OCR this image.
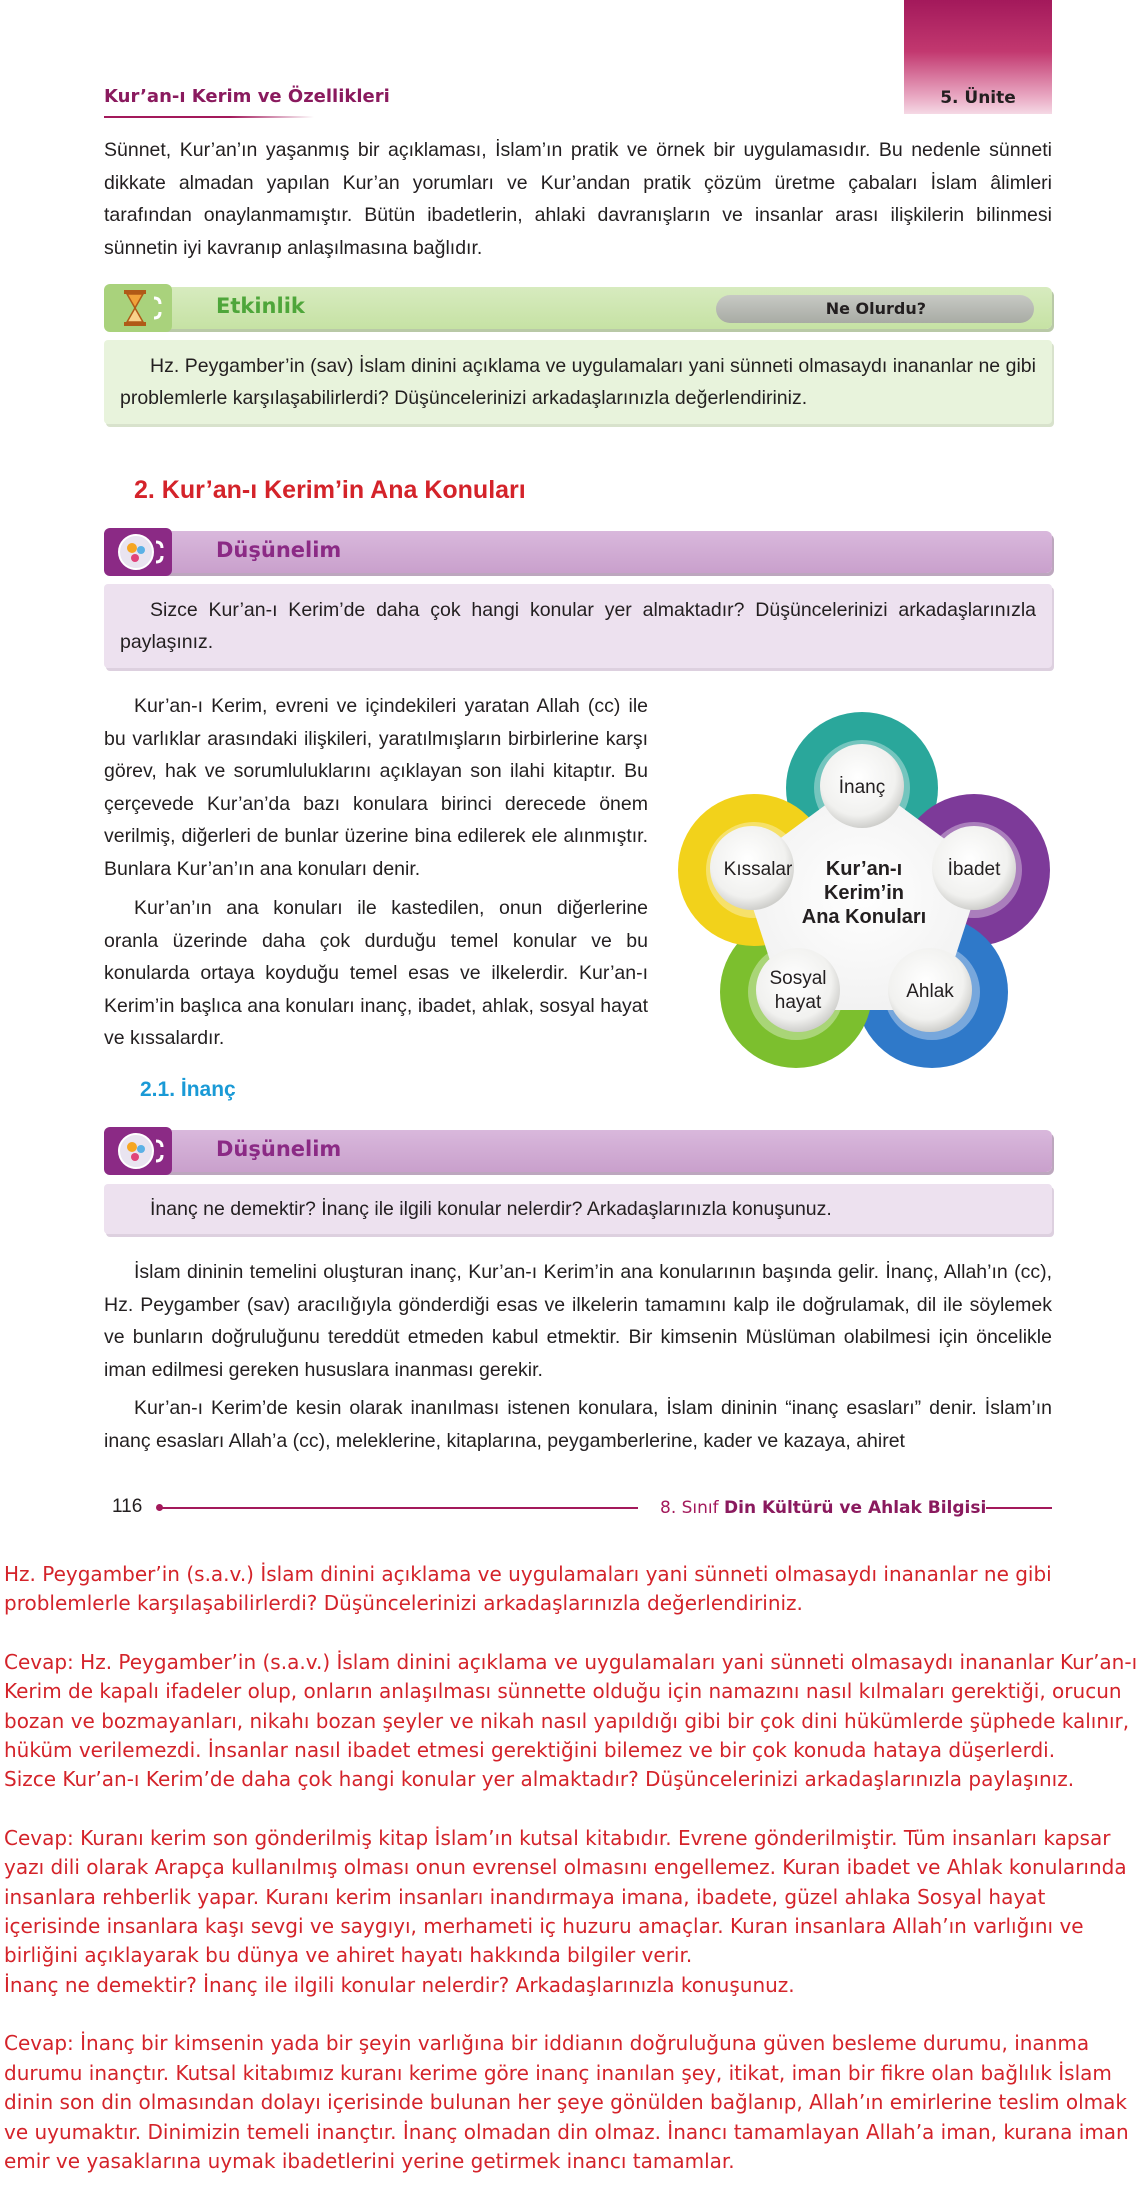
5. Ünite
Kur’an-ı Kerim ve Özellikleri

Sünnet, Kur’an’ın yaşanmış bir açıklaması, İslam’ın pratik ve örnek bir uygulamasıdır. Bu nedenle sünneti dikkate almadan yapılan Kur’an yorumları ve Kur’andan pratik çözüm üretme çabaları İslam âlimleri tarafından onaylanmamıştır. Bütün ibadetlerin, ahlaki davranışların ve insanlar arası ilişkilerin bilinmesi sünnetin iyi kavranıp anlaşılmasına bağlıdır.

Etkinlik	Ne Olurdu?

Hz. Peygamber’in (sav) İslam dinini açıklama ve uygulamaları yani sünneti olmasaydı inananlar ne gibi problemlerle karşılaşabilirlerdi? Düşüncelerinizi arkadaşlarınızla değerlendiriniz.

2. Kur’an-ı Kerim’in Ana Konuları
Düşünelim

Sizce Kur’an-ı Kerim’de daha çok hangi konular yer almaktadır? Düşüncelerinizi arkadaşlarınızla paylaşınız.

Kur’an-ı Kerim, evreni ve içindekileri yaratan Allah (cc) ile bu varlıklar arasındaki ilişkileri, yaratılmışların birbirlerine karşı görev, hak ve sorumluluklarını açıklayan son ilahi kitaptır. Bu çerçevede Kur’an’da bazı konulara birinci derecede önem verilmiş, diğerleri de bunlar üzerine bina edilerek ele alınmıştır. Bunlara Kur’an’ın ana konuları denir.

Kur’an’ın ana konuları ile kastedilen, onun diğerlerine oranla üzerinde daha çok durduğu temel konular ve bu konularda ortaya koyduğu temel esas ve ilkelerdir. Kur’an-ı Kerim’in başlıca ana konuları inanç, ibadet, ahlak, sosyal hayat ve kıssalardır.

İnanç
İbadet
Ahlak
Sosyal
hayat
Kıssalar Kur’an-ı
Kerim’in
Ana Konuları
2.1. İnanç
Düşünelim

İnanç ne demektir? İnanç ile ilgili konular nelerdir? Arkadaşlarınızla konuşunuz.

İslam dininin temelini oluşturan inanç, Kur’an-ı Kerim’in ana konularının başında gelir. İnanç, Allah’ın (cc), Hz. Peygamber (sav) aracılığıyla gönderdiği esas ve ilkelerin tamamını kalp ile doğrulamak, dil ile söylemek ve bunların doğruluğunu tereddüt etmeden kabul etmektir. Bir kimsenin Müslüman olabilmesi için öncelikle iman edilmesi gereken hususlara inanması gerekir.

Kur’an-ı Kerim’de kesin olarak inanılması istenen konulara, İslam dininin “inanç esasları” denir. İslam’ın inanç esasları Allah’a (cc), meleklerine, kitaplarına, peygamberlerine, kader ve kazaya, ahiret

116	8. Sınıf Din Kültürü ve Ahlak Bilgisi

Hz. Peygamber’in (s.a.v.) İslam dinini açıklama ve uygulamaları yani sünneti olmasaydı inananlar ne gibi problemlerle karşılaşabilirlerdi? Düşüncelerinizi arkadaşlarınızla değerlendiriniz.

Cevap: Hz. Peygamber’in (s.a.v.) İslam dinini açıklama ve uygulamaları yani sünneti olmasaydı inananlar Kur’an-ı Kerim de kapalı ifadeler olup, onların anlaşılması sünnette olduğu için namazını nasıl kılmaları gerektiği, orucun bozan ve bozmayanları, nikahı bozan şeyler ve nikah nasıl yapıldığı gibi bir çok dini hükümlerde şüphede kalınır, hüküm verilemezdi. İnsanlar nasıl ibadet etmesi gerektiğini bilemez ve bir çok konuda hataya düşerlerdi.

Sizce Kur’an-ı Kerim’de daha çok hangi konular yer almaktadır? Düşüncelerinizi arkadaşlarınızla paylaşınız.

Cevap: Kuranı kerim son gönderilmiş kitap İslam’ın kutsal kitabıdır. Evrene gönderilmiştir. Tüm insanları kapsar yazı dili olarak Arapça kullanılmış olması onun evrensel olmasını engellemez. Kuran ibadet ve Ahlak konularında insanlara rehberlik yapar. Kuranı kerim insanları inandırmaya imana, ibadete, güzel ahlaka Sosyal hayat içerisinde insanlara kaşı sevgi ve saygıyı, merhameti iç huzuru amaçlar. Kuran insanlara Allah’ın varlığını ve birliğini açıklayarak bu dünya ve ahiret hayatı hakkında bilgiler verir.

İnanç ne demektir? İnanç ile ilgili konular nelerdir? Arkadaşlarınızla konuşunuz.

Cevap: İnanç bir kimsenin yada bir şeyin varlığına bir iddianın doğruluğuna güven besleme durumu, inanma durumu inançtır. Kutsal kitabımız kuranı kerime göre inanç inanılan şey, itikat, iman bir fikre olan bağlılık İslam dinin son din olmasından dolayı içerisinde bulunan her şeye gönülden bağlanıp, Allah’ın emirlerine teslim olmak ve uyumaktır. Dinimizin temeli inançtır. İnanç olmadan din olmaz. İnancı tamamlayan Allah’a iman, kurana iman emir ve yasaklarına uymak ibadetlerini yerine getirmek inancı tamamlar.
